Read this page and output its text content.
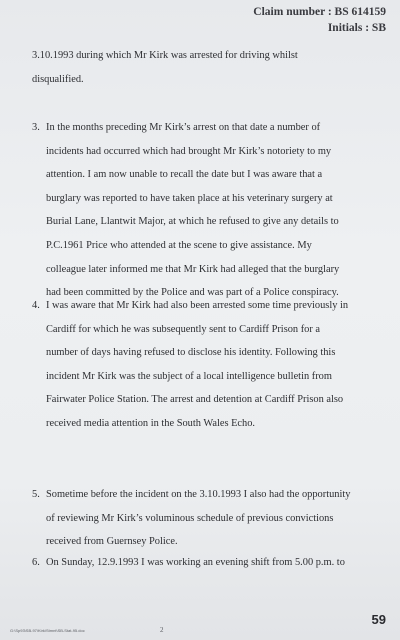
Claim number : BS 614159
Initials : SB
3.10.1993 during which Mr Kirk was arrested for driving whilst
disqualified.
3. In the months preceding Mr Kirk’s arrest on that date a number of
incidents had occurred which had brought Mr Kirk’s notoriety to my
attention. I am now unable to recall the date but I was aware that a
burglary was reported to have taken place at his veterinary surgery at
Burial Lane, Llantwit Major, at which he refused to give any details to
P.C.1961 Price who attended at the scene to give assistance. My
colleague later informed me that Mr Kirk had alleged that the burglary
had been committed by the Police and was part of a Police conspiracy.
4. I was aware that Mr Kirk had also been arrested some time previously in
Cardiff for which he was subsequently sent to Cardiff Prison for a
number of days having refused to disclose his identity. Following this
incident Mr Kirk was the subject of a local intelligence bulletin from
Fairwater Police Station. The arrest and detention at Cardiff Prison also
received media attention in the South Wales Echo.
5. Sometime before the incident on the 3.10.1993 I also had the opportunity
of reviewing Mr Kirk’s voluminous schedule of previous convictions
received from Guernsey Police.
6. On Sunday, 12.9.1993 I was working an evening shift from 5.00 p.m. to
59
G:\Sp93\SB-97\Kirk\Stmnt\SB-Stat-95.doc	2
